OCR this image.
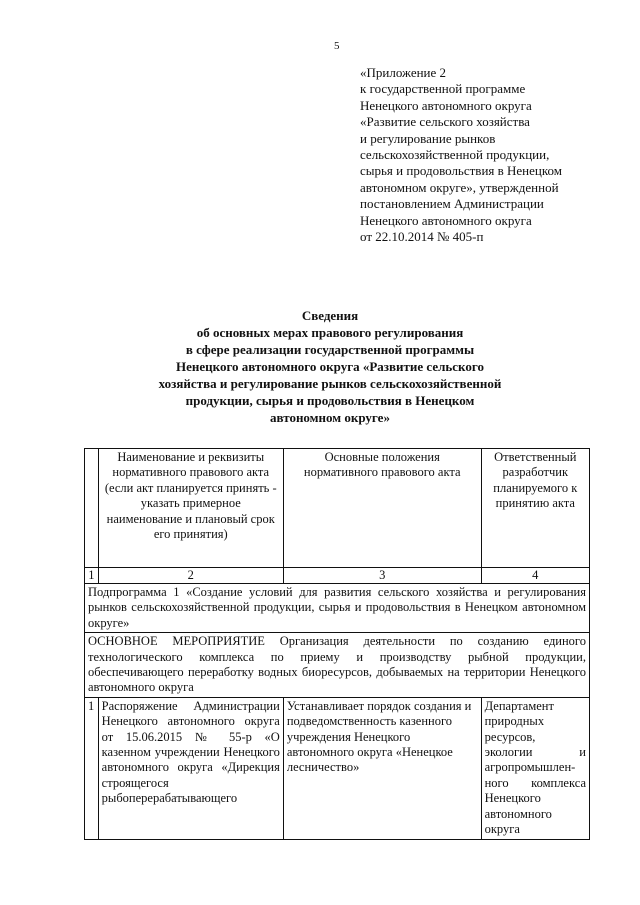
5
«Приложение 2
к государственной программе
Ненецкого автономного округа
«Развитие сельского хозяйства
и регулирование рынков
сельскохозяйственной продукции,
сырья и продовольствия в Ненецком
автономном округе», утвержденной
постановлением Администрации
Ненецкого автономного округа
от 22.10.2014 № 405-п
Сведения
об основных мерах правового регулирования
в сфере реализации государственной программы
Ненецкого автономного округа «Развитие сельского
хозяйства и регулирование рынков сельскохозяйственной
продукции, сырья и продовольствия в Ненецком
автономном округе»
	Наименование и реквизиты нормативного правового акта (если акт планируется принять - указать примерное наименование и плановый срок его принятия)	Основные положения нормативного правового акта	Ответственный разработчик планируемого к принятию акта
1	2	3	4
Подпрограмма 1 «Создание условий для развития сельского хозяйства и регулирования рынков сельскохозяйственной продукции, сырья и продовольствия в Ненецком автономном округе»			
ОСНОВНОЕ МЕРОПРИЯТИЕ Организация деятельности по созданию единого технологического комплекса по приему и производству рыбной продукции, обеспечивающего переработку водных биоресурсов, добываемых на территории Ненецкого автономного округа			
1	Распоряжение Администрации Ненецкого автономного округа от 15.06.2015 № 55-р «О казенном учреждении Ненецкого автономного округа «Дирекция строящегося рыбоперерабатывающего	Устанавливает порядок создания и подведомственность казенного учреждения Ненецкого автономного округа «Ненецкое лесничество»	Департамент природных ресурсов, экологии и агропромышлен-ного комплекса Ненецкого автономного округа
